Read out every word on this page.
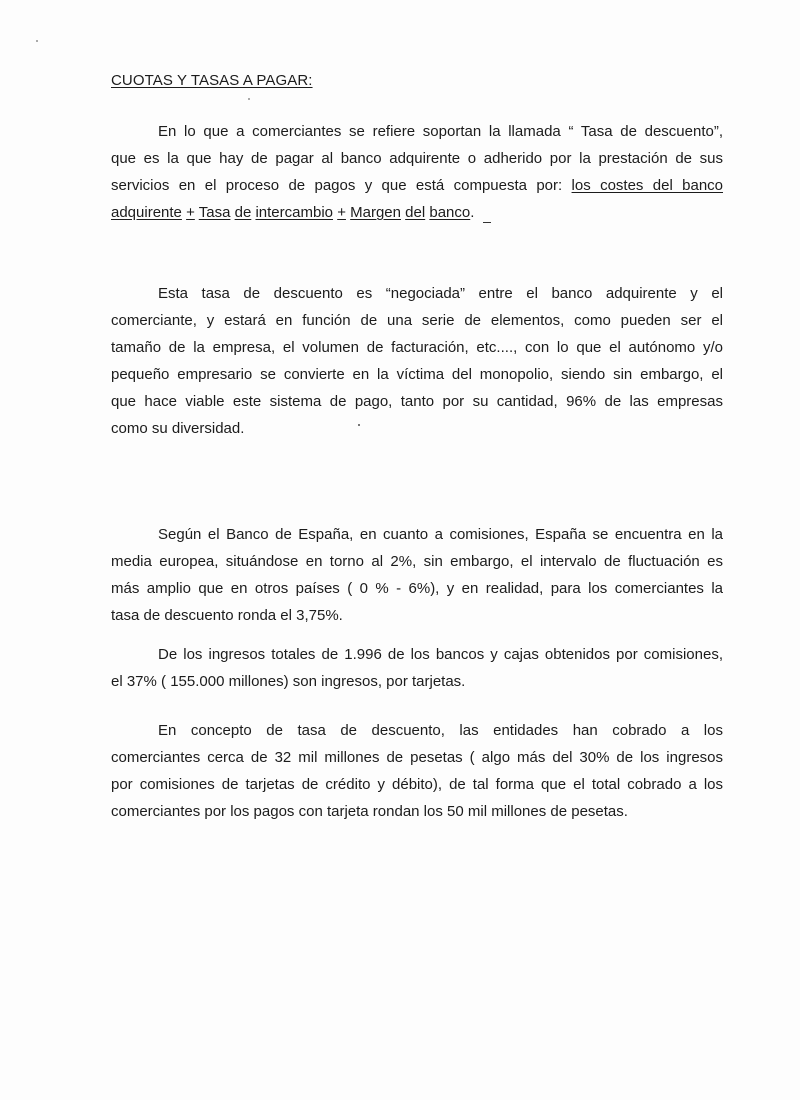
CUOTAS Y TASAS A PAGAR:
En lo que a comerciantes se refiere soportan la llamada “ Tasa de descuento”,
que es la que hay de pagar al banco adquirente o adherido por la prestación de sus
servicios en el proceso de pagos y que está compuesta por: los costes del banco
adquirente + Tasa de intercambio + Margen del banco.
Esta tasa de descuento es “negociada” entre el banco adquirente y el
comerciante, y estará en función de una serie de elementos, como pueden ser el
tamaño de la empresa, el volumen de facturación, etc...., con lo que el autónomo y/o
pequeño empresario se convierte en la víctima del monopolio, siendo sin embargo, el
que hace viable este sistema de pago, tanto por su cantidad, 96% de las empresas
como su diversidad.
Según el Banco de España, en cuanto a comisiones, España se encuentra en la
media europea, situándose en torno al 2%, sin embargo, el intervalo de fluctuación es
más amplio que en otros países ( 0 % - 6%), y en realidad, para los comerciantes la
tasa de descuento ronda el 3,75%.
De los ingresos totales de 1.996 de los bancos y cajas obtenidos por comisiones,
el 37% ( 155.000 millones) son ingresos, por tarjetas.
En concepto de tasa de descuento, las entidades han cobrado a los
comerciantes cerca de 32 mil millones de pesetas ( algo más del 30% de los ingresos
por comisiones de tarjetas de crédito y débito), de tal forma que el total cobrado a los
comerciantes por los pagos con tarjeta rondan los 50 mil millones de pesetas.
